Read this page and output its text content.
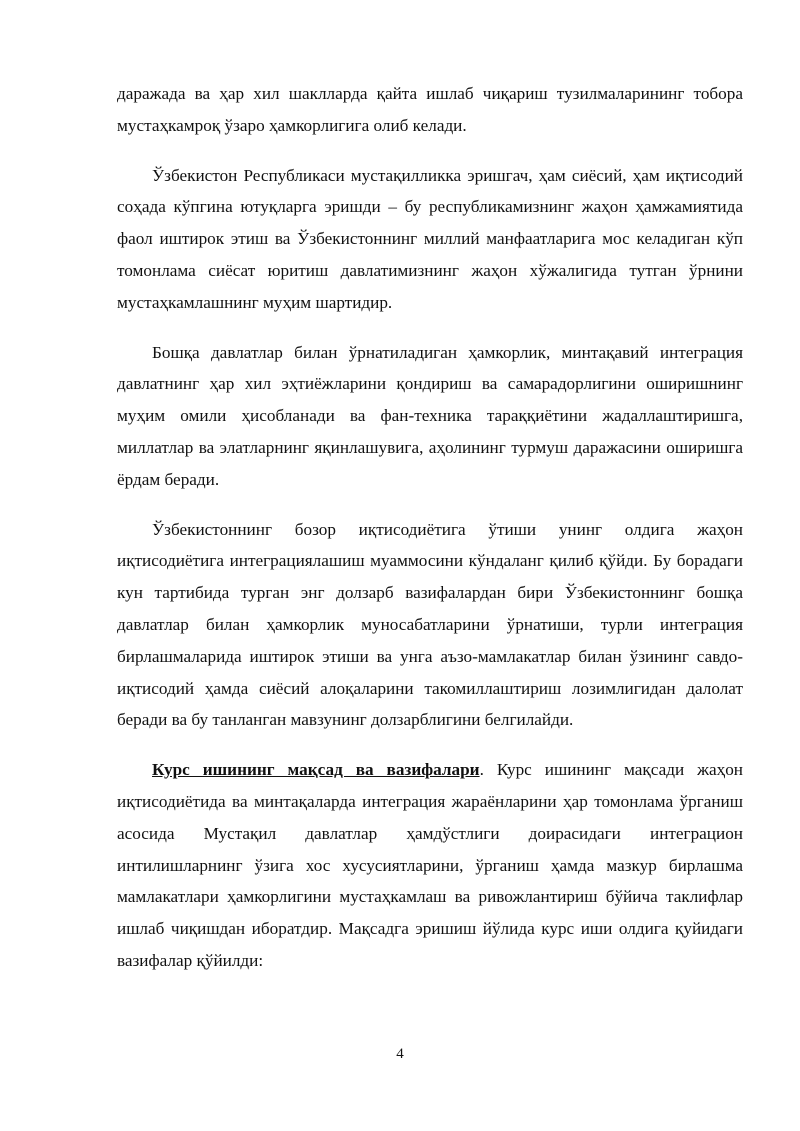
даражада ва ҳар хил шаклларда қайта ишлаб чиқариш тузилмаларининг тобора мустаҳкамроқ ўзаро ҳамкорлигига олиб келади.

Ўзбекистон Республикаси мустақилликка эришгач, ҳам сиёсий, ҳам иқтисодий соҳада кўпгина ютуқларга эришди – бу республикамизнинг жаҳон ҳамжамиятида фаол иштирок этиш ва Ўзбекистоннинг миллий манфаатларига мос келадиган кўп томонлама сиёсат юритиш давлатимизнинг жаҳон хўжалигида тутган ўрнини мустаҳкамлашнинг муҳим шартидир.

Бошқа давлатлар билан ўрнатиладиган ҳамкорлик, минтақавий интеграция давлатнинг ҳар хил эҳтиёжларини қондириш ва самарадорлигини оширишнинг муҳим омили ҳисобланади ва фан-техника тараққиётини жадаллаштиришга, миллатлар ва элатларнинг яқинлашувига, аҳолининг турмуш даражасини оширишга ёрдам беради.

Ўзбекистоннинг бозор иқтисодиётига ўтиши унинг олдига жаҳон иқтисодиётига интеграциялашиш муаммосини кўндаланг қилиб қўйди. Бу борадаги кун тартибида турган энг долзарб вазифалардан бири Ўзбекистоннинг бошқа давлатлар билан ҳамкорлик муносабатларини ўрнатиши, турли интеграция бирлашмаларида иштирок этиши ва унга аъзо-мамлакатлар билан ўзининг савдо-иқтисодий ҳамда сиёсий алоқаларини такомиллаштириш лозимлигидан далолат беради ва бу танланган мавзунинг долзарблигини белгилайди.

Курс ишининг мақсад ва вазифалари. Курс ишининг мақсади жаҳон иқтисодиётида ва минтақаларда интеграция жараёнларини ҳар томонлама ўрганиш асосида Мустақил давлатлар ҳамдўстлиги доирасидаги интеграцион интилишларнинг ўзига хос хусусиятларини, ўрганиш ҳамда мазкур бирлашма мамлакатлари ҳамкорлигини мустаҳкамлаш ва ривожлантириш бўйича таклифлар ишлаб чиқишдан иборатдир. Мақсадга эришиш йўлида курс иши олдига қуйидаги вазифалар қўйилди:

4
